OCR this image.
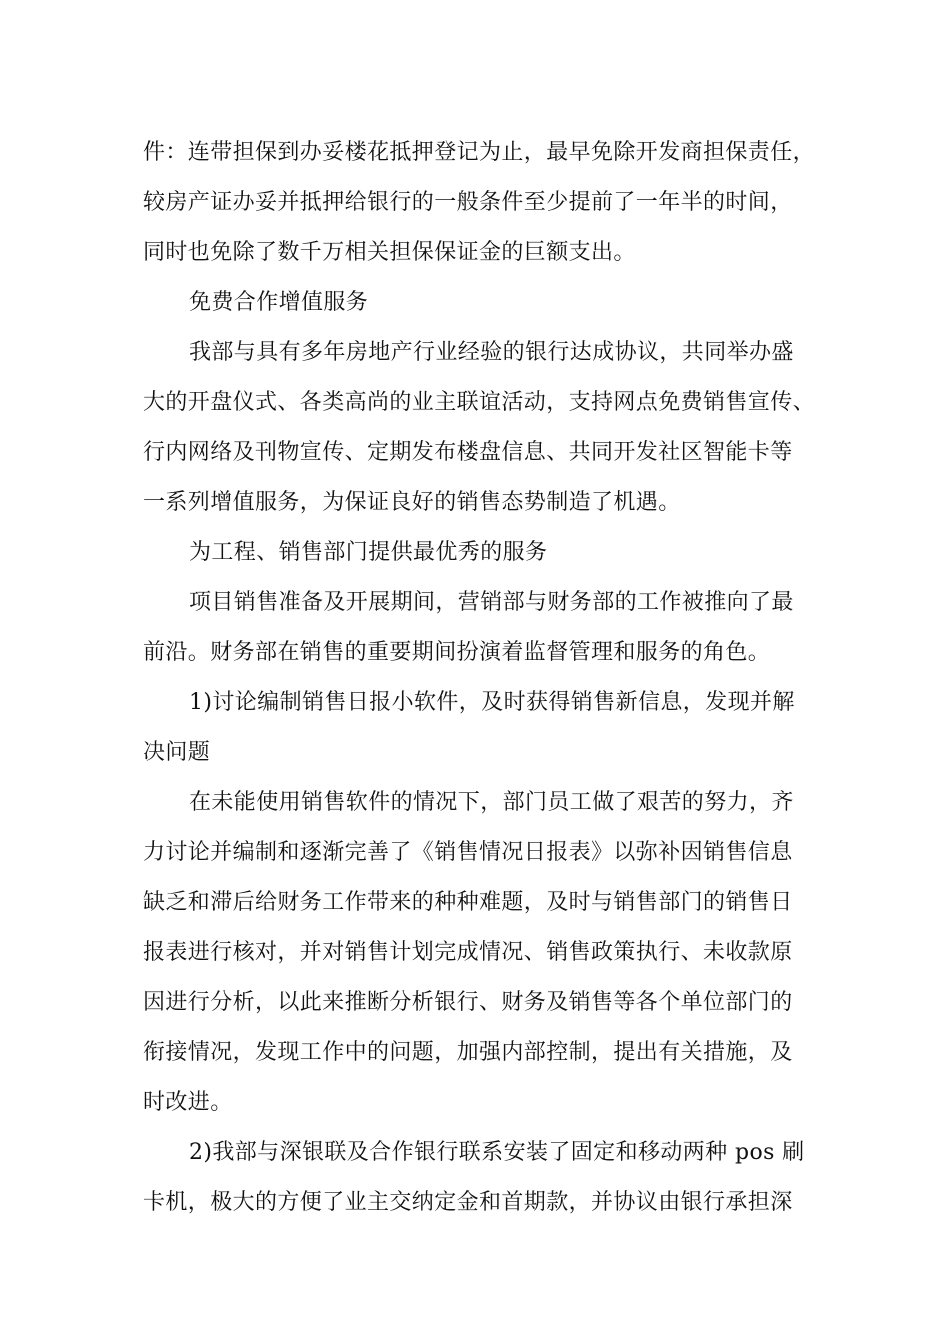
件：连带担保到办妥楼花抵押登记为止，最早免除开发商担保责任，
较房产证办妥并抵押给银行的一般条件至少提前了一年半的时间，
同时也免除了数千万相关担保保证金的巨额支出。
免费合作增值服务
我部与具有多年房地产行业经验的银行达成协议，共同举办盛
大的开盘仪式、各类高尚的业主联谊活动，支持网点免费销售宣传、
行内网络及刊物宣传、定期发布楼盘信息、共同开发社区智能卡等
一系列增值服务，为保证良好的销售态势制造了机遇。
为工程、销售部门提供最优秀的服务
项目销售准备及开展期间，营销部与财务部的工作被推向了最
前沿。财务部在销售的重要期间扮演着监督管理和服务的角色。
1)讨论编制销售日报小软件，及时获得销售新信息，发现并解
决问题
在未能使用销售软件的情况下，部门员工做了艰苦的努力，齐
力讨论并编制和逐渐完善了《销售情况日报表》以弥补因销售信息
缺乏和滞后给财务工作带来的种种难题，及时与销售部门的销售日
报表进行核对，并对销售计划完成情况、销售政策执行、未收款原
因进行分析，以此来推断分析银行、财务及销售等各个单位部门的
衔接情况，发现工作中的问题，加强内部控制，提出有关措施，及
时改进。
2)我部与深银联及合作银行联系安装了固定和移动两种 pos 刷
卡机，极大的方便了业主交纳定金和首期款，并协议由银行承担深
